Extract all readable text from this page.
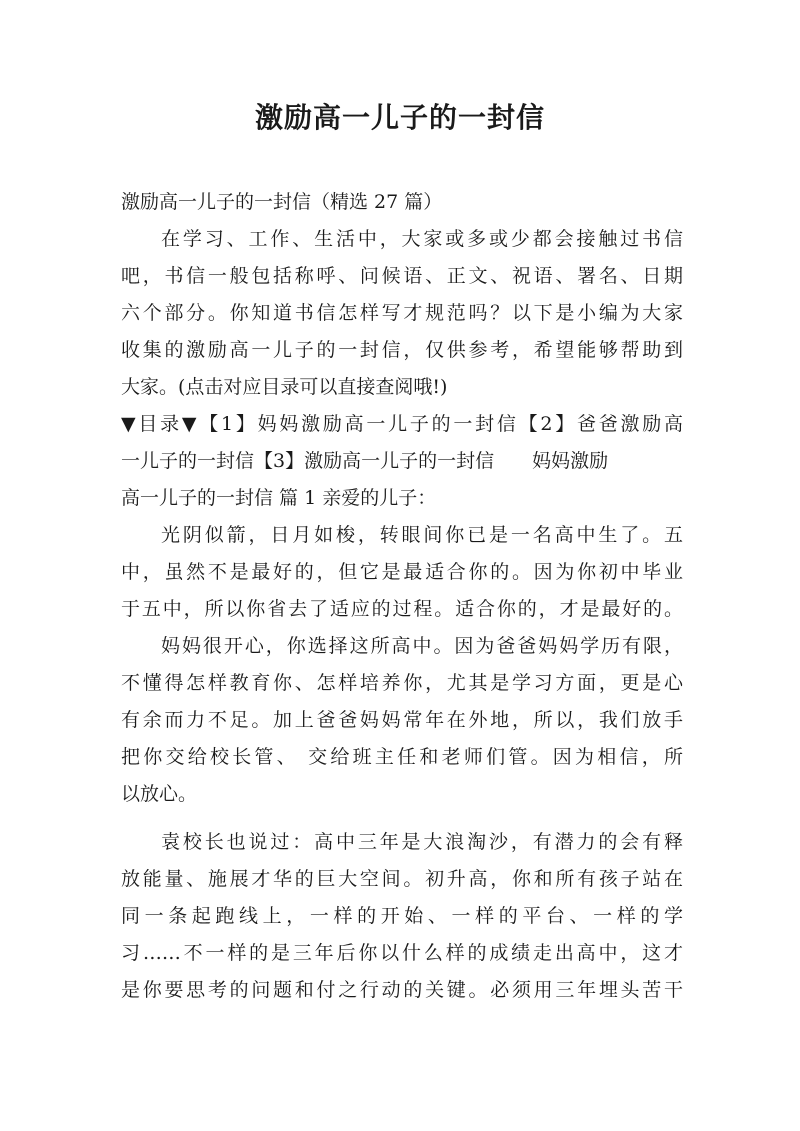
激励高一儿子的一封信
激励高一儿子的一封信（精选 27 篇）
在学习、工作、生活中，大家或多或少都会接触过书信
吧，书信一般包括称呼、问候语、正文、祝语、署名、日期
六个部分。你知道书信怎样写才规范吗？以下是小编为大家
收集的激励高一儿子的一封信，仅供参考，希望能够帮助到
大家。(点击对应目录可以直接查阅哦!)
▼目录▼【1】妈妈激励高一儿子的一封信【2】爸爸激励高
一儿子的一封信【3】激励高一儿子的一封信　　妈妈激励
高一儿子的一封信 篇 1 亲爱的儿子：
光阴似箭，日月如梭，转眼间你已是一名高中生了。五
中，虽然不是最好的，但它是最适合你的。因为你初中毕业
于五中，所以你省去了适应的过程。适合你的，才是最好的。
妈妈很开心，你选择这所高中。因为爸爸妈妈学历有限，
不懂得怎样教育你、怎样培养你，尤其是学习方面，更是心
有余而力不足。加上爸爸妈妈常年在外地，所以，我们放手
把你交给校长管、 交给班主任和老师们管。因为相信，所
以放心。
袁校长也说过：高中三年是大浪淘沙，有潜力的会有释
放能量、施展才华的巨大空间。初升高，你和所有孩子站在
同一条起跑线上，一样的开始、一样的平台、一样的学
习……不一样的是三年后你以什么样的成绩走出高中，这才
是你要思考的问题和付之行动的关键。必须用三年埋头苦干
